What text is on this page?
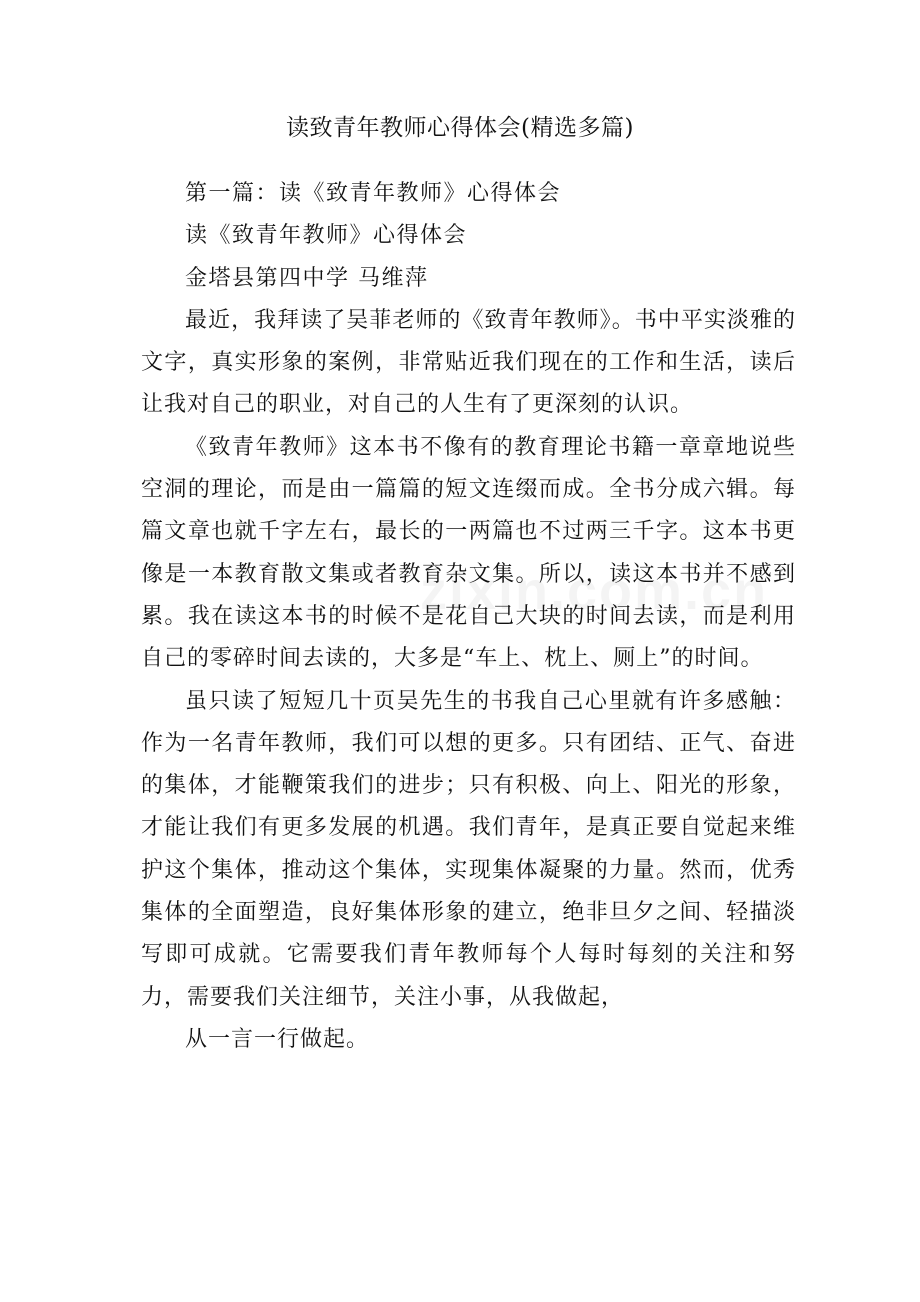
读致青年教师心得体会(精选多篇)

第一篇：读《致青年教师》心得体会

读《致青年教师》心得体会

金塔县第四中学 马维萍

最近，我拜读了吴菲老师的《致青年教师》。书中平实淡雅的文字，真实形象的案例，非常贴近我们现在的工作和生活，读后让我对自己的职业，对自己的人生有了更深刻的认识。

《致青年教师》这本书不像有的教育理论书籍一章章地说些空洞的理论，而是由一篇篇的短文连缀而成。全书分成六辑。每篇文章也就千字左右，最长的一两篇也不过两三千字。这本书更像是一本教育散文集或者教育杂文集。所以，读这本书并不感到累。我在读这本书的时候不是花自己大块的时间去读，而是利用自己的零碎时间去读的，大多是“车上、枕上、厕上”的时间。

虽只读了短短几十页吴先生的书我自己心里就有许多感触：作为一名青年教师，我们可以想的更多。只有团结、正气、奋进的集体，才能鞭策我们的进步；只有积极、向上、阳光的形象，才能让我们有更多发展的机遇。我们青年，是真正要自觉起来维护这个集体，推动这个集体，实现集体凝聚的力量。然而，优秀集体的全面塑造，良好集体形象的建立，绝非旦夕之间、轻描淡写即可成就。它需要我们青年教师每个人每时每刻的关注和努力，需要我们关注细节，关注小事，从我做起，

从一言一行做起。
